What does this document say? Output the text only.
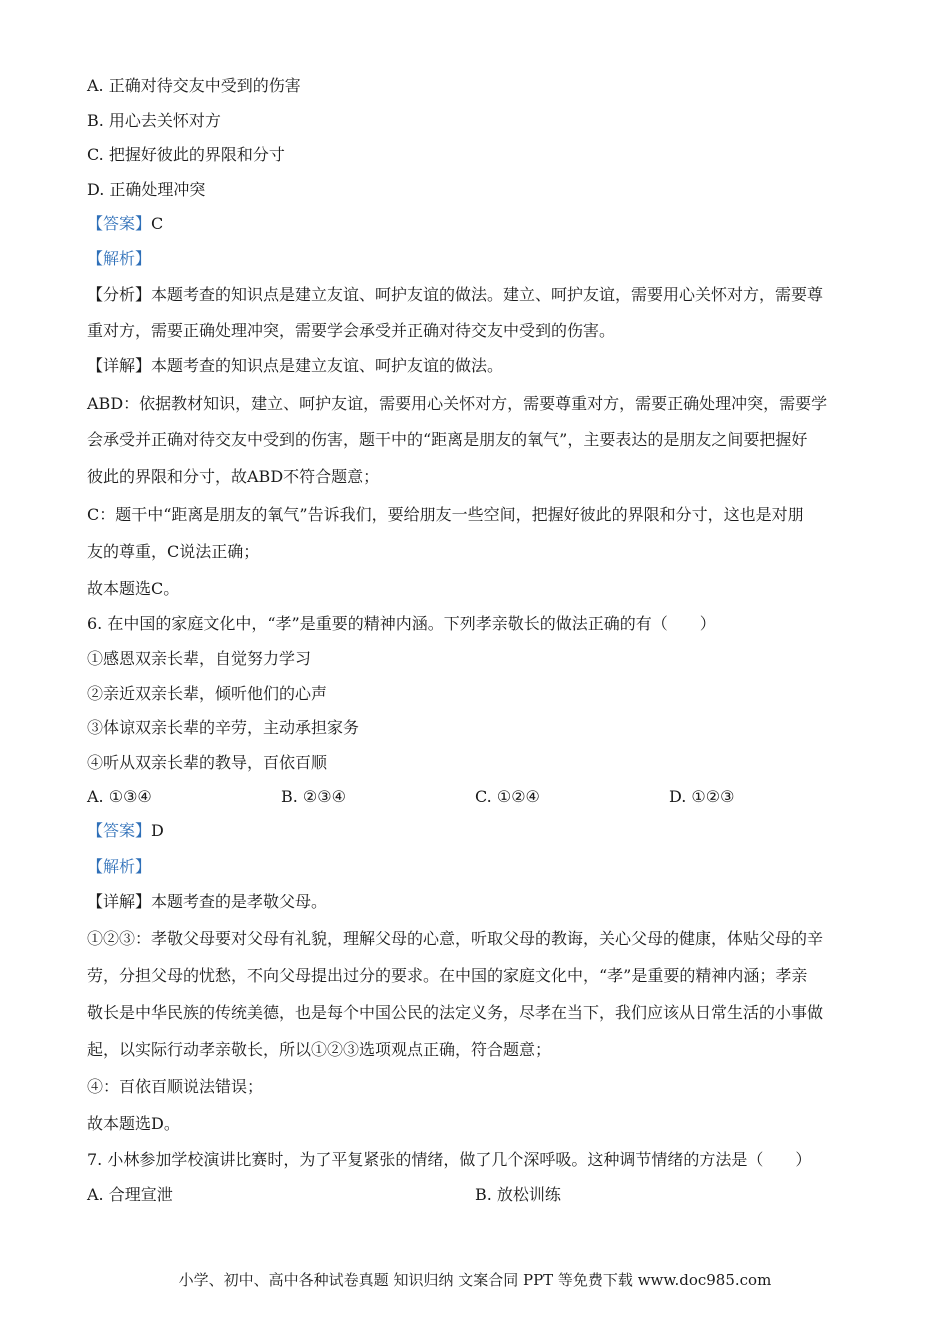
A. 正确对待交友中受到的伤害
B. 用心去关怀对方
C. 把握好彼此的界限和分寸
D. 正确处理冲突
【答案】C
【解析】
【分析】本题考查的知识点是建立友谊、呵护友谊的做法。建立、呵护友谊，需要用心关怀对方，需要尊
重对方，需要正确处理冲突，需要学会承受并正确对待交友中受到的伤害。
【详解】本题考查的知识点是建立友谊、呵护友谊的做法。
ABD：依据教材知识，建立、呵护友谊，需要用心关怀对方，需要尊重对方，需要正确处理冲突，需要学
会承受并正确对待交友中受到的伤害，题干中的“距离是朋友的氧气”，主要表达的是朋友之间要把握好
彼此的界限和分寸，故ABD不符合题意；
C：题干中“距离是朋友的氧气”告诉我们，要给朋友一些空间，把握好彼此的界限和分寸，这也是对朋
友的尊重，C说法正确；
故本题选C。
6. 在中国的家庭文化中，“孝”是重要的精神内涵。下列孝亲敬长的做法正确的有（　　）
①感恩双亲长辈，自觉努力学习
②亲近双亲长辈，倾听他们的心声
③体谅双亲长辈的辛劳，主动承担家务
④听从双亲长辈的教导，百依百顺
A. ①③④	B. ②③④	C. ①②④	D. ①②③
【答案】D
【解析】
【详解】本题考查的是孝敬父母。
①②③：孝敬父母要对父母有礼貌，理解父母的心意，听取父母的教诲，关心父母的健康，体贴父母的辛
劳，分担父母的忧愁，不向父母提出过分的要求。在中国的家庭文化中，“孝”是重要的精神内涵；孝亲
敬长是中华民族的传统美德，也是每个中国公民的法定义务，尽孝在当下，我们应该从日常生活的小事做
起，以实际行动孝亲敬长，所以①②③选项观点正确，符合题意；
④：百依百顺说法错误；
故本题选D。
7. 小林参加学校演讲比赛时，为了平复紧张的情绪，做了几个深呼吸。这种调节情绪的方法是（　　）
A. 合理宣泄	B. 放松训练
小学、初中、高中各种试卷真题 知识归纳 文案合同 PPT 等免费下载 www.doc985.com
